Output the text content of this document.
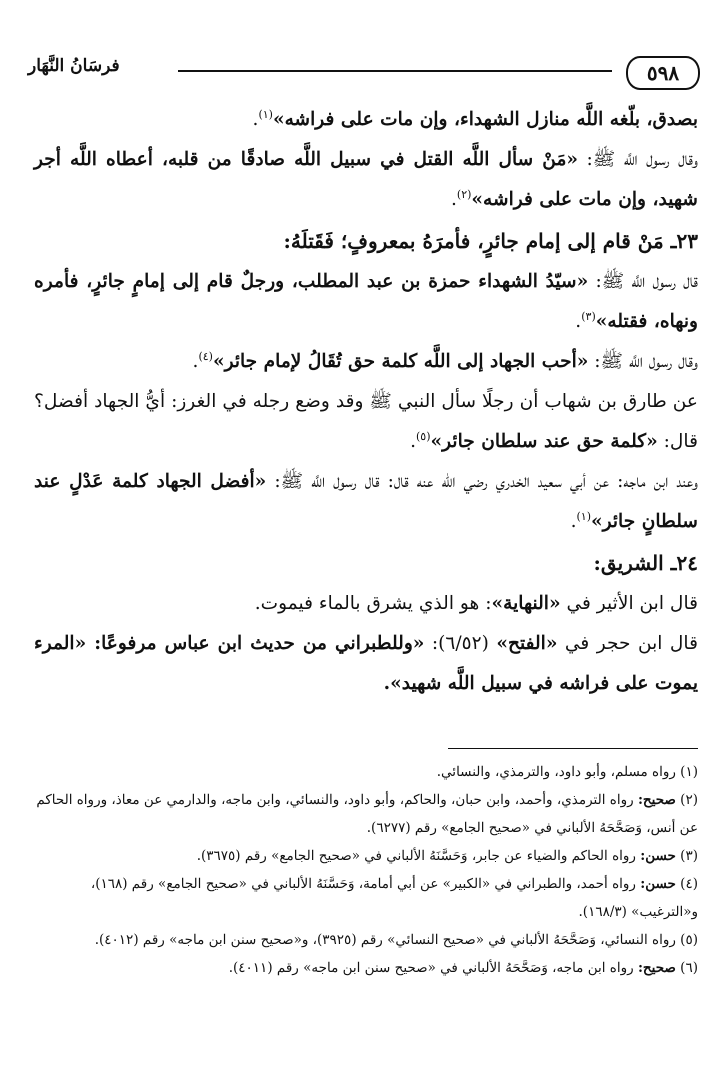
٥٩٨
فرسَانُ النَّهَار

بصدق، بلّغه اللَّه منازل الشهداء، وإن مات على فراشه»$^{(١)}$.

وقال رسول اللَّه ﷺ: «مَنْ سأل اللَّه القتل في سبيل اللَّه صادقًا من قلبه، أعطاه اللَّه أجر شهيد، وإن مات على فراشه»$^{(٢)}$.

٢٣ـ مَنْ قام إلى إمام جائرٍ، فأمرَهُ بمعروفٍ؛ فَقَتلَهُ:

قال رسول اللَّه ﷺ: «سيّدُ الشهداء حمزة بن عبد المطلب، ورجلٌ قام إلى إمامٍ جائرٍ، فأمره ونهاه، فقتله»$^{(٣)}$.

وقال رسول اللَّه ﷺ: «أحب الجهاد إلى اللَّه كلمة حق تُقَالُ لإمام جائر»$^{(٤)}$.

عن طارق بن شهاب أن رجلًا سأل النبي ﷺ وقد وضع رجله في الغرز: أيُّ الجهاد أفضل؟ قال: «كلمة حق عند سلطان جائر»$^{(٥)}$.

وعند ابن ماجه: عن أبي سعيد الخدري رضي الله عنه قال: قال رسول اللَّه ﷺ: «أفضل الجهاد كلمة عَدْلٍ عند سلطانٍ جائر»$^{(١)}$.

٢٤ـ الشريق:

قال ابن الأثير في «النهاية»: هو الذي يشرق بالماء فيموت.

قال ابن حجر في «الفتح» (٦/٥٢): «وللطبراني من حديث ابن عباس مرفوعًا: «المرء يموت على فراشه في سبيل اللَّه شهيد».

(١) رواه مسلم، وأبو داود، والترمذي، والنسائي.

(٢) صحيح: رواه الترمذي، وأحمد، وابن حبان، والحاكم، وأبو داود، والنسائي، وابن ماجه، والدارمي عن معاذ، ورواه الحاكم عن أنس، وَصَحَّحَهُ الألباني في «صحيح الجامع» رقم (٦٢٧٧).

(٣) حسن: رواه الحاكم والضياء عن جابر، وَحَسَّنَهُ الألباني في «صحيح الجامع» رقم (٣٦٧٥).

(٤) حسن: رواه أحمد، والطبراني في «الكبير» عن أبي أمامة، وَحَسَّنَهُ الألباني في «صحيح الجامع» رقم (١٦٨)، و«الترغيب» (١٦٨/٣).

(٥) رواه النسائي، وَصَحَّحَهُ الألباني في «صحيح النسائي» رقم (٣٩٢٥)، و«صحيح سنن ابن ماجه» رقم (٤٠١٢).

(٦) صحيح: رواه ابن ماجه، وَصَحَّحَهُ الألباني في «صحيح سنن ابن ماجه» رقم (٤٠١١).
